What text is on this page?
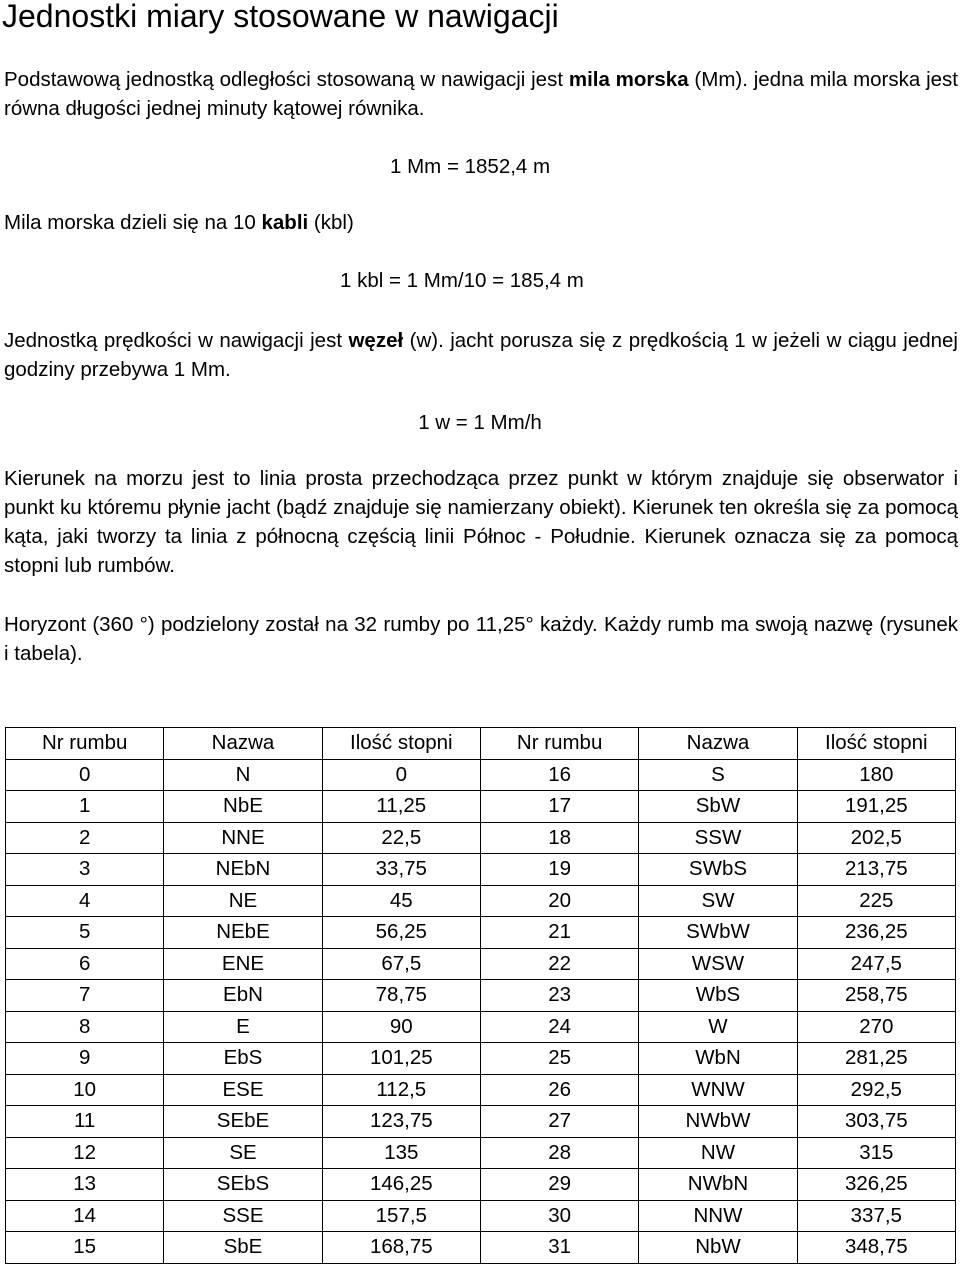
Jednostki miary stosowane w nawigacji

Podstawową jednostką odległości stosowaną w nawigacji jest mila morska (Mm). jedna mila morska jest równa długości jednej minuty kątowej równika.

1 Mm = 1852,4 m

Mila morska dzieli się na 10 kabli (kbl)

1 kbl = 1 Mm/10 = 185,4 m

Jednostką prędkości w nawigacji jest węzeł (w). jacht porusza się z prędkością 1 w jeżeli w ciągu jednej godziny przebywa 1 Mm.

1 w = 1 Mm/h

Kierunek na morzu jest to linia prosta przechodząca przez punkt w którym znajduje się obserwator i punkt ku któremu płynie jacht (bądź znajduje się namierzany obiekt). Kierunek ten określa się za pomocą kąta, jaki tworzy ta linia z północną częścią linii Północ - Południe. Kierunek oznacza się za pomocą stopni lub rumbów.

Horyzont (360 °) podzielony został na 32 rumby po 11,25° każdy. Każdy rumb ma swoją nazwę (rysunek i tabela).

Nr rumbu	Nazwa	Ilość stopni	Nr rumbu	Nazwa	Ilość stopni
0	N	0	16	S	180
1	NbE	11,25	17	SbW	191,25
2	NNE	22,5	18	SSW	202,5
3	NEbN	33,75	19	SWbS	213,75
4	NE	45	20	SW	225
5	NEbE	56,25	21	SWbW	236,25
6	ENE	67,5	22	WSW	247,5
7	EbN	78,75	23	WbS	258,75
8	E	90	24	W	270
9	EbS	101,25	25	WbN	281,25
10	ESE	112,5	26	WNW	292,5
11	SEbE	123,75	27	NWbW	303,75
12	SE	135	28	NW	315
13	SEbS	146,25	29	NWbN	326,25
14	SSE	157,5	30	NNW	337,5
15	SbE	168,75	31	NbW	348,75
